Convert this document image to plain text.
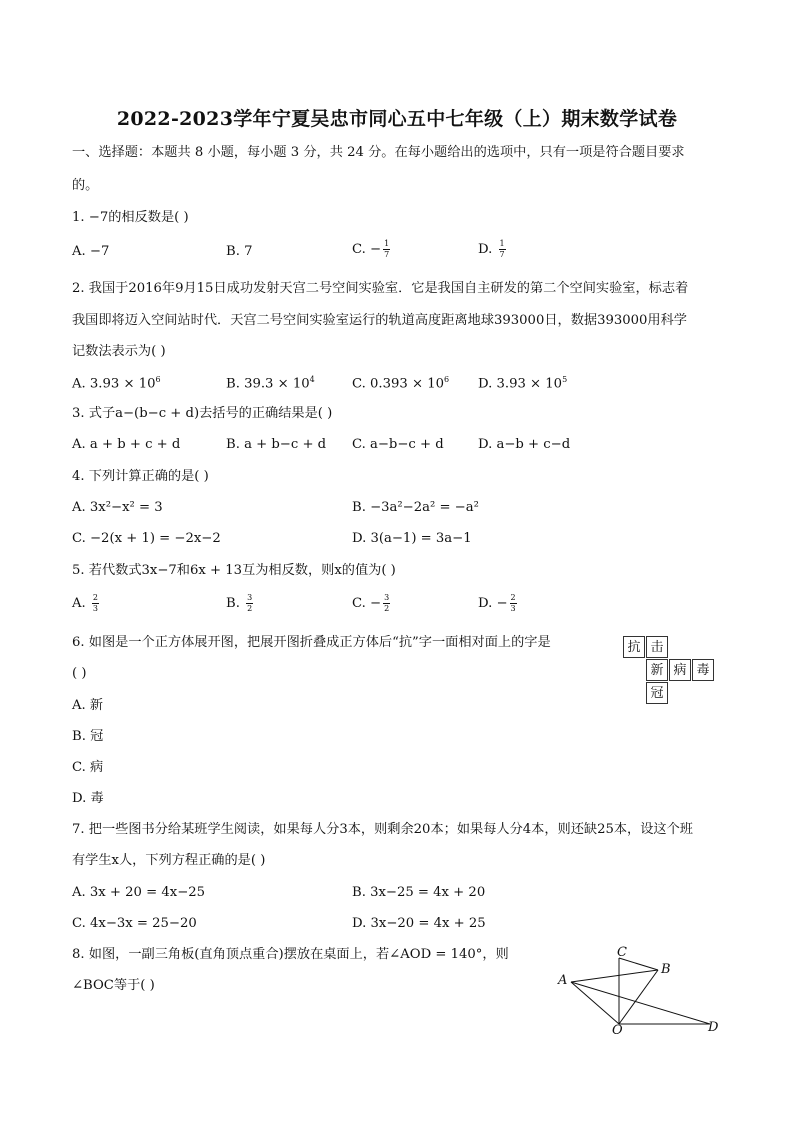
2022-2023学年宁夏吴忠市同心五中七年级（上）期末数学试卷
一、选择题：本题共 8 小题，每小题 3 分，共 24 分。在每小题给出的选项中，只有一项是符合题目要求
的。
1. −7的相反数是( )
A. −7	B. 7	C. − $\frac{1}{7}$	D. $\frac{1}{7}$
2. 我国于2016年9月15日成功发射天宫二号空间实验室．它是我国自主研发的第二个空间实验室，标志着
我国即将迈入空间站时代．天宫二号空间实验室运行的轨道高度距离地球393000日，数据393000用科学
记数法表示为( )
A. $3.93 \times 10^6$	B. $39.3 \times 10^4$	C. $0.393 \times 10^6$ D. $3.93 \times 10^5$
3. 式子a−(b−c + d)去括号的正确结果是( )
A. a + b + c + d	B. a + b−c + d C. a−b−c + d	D. a−b + c−d
4. 下列计算正确的是( )
A. 3x²−x² = 3	B. −3a²−2a² = −a²
C. −2(x + 1) = −2x−2	D. 3(a−1) = 3a−1
5. 若代数式3x−7和6x + 13互为相反数，则x的值为( )
A. $\frac{2}{3}$	B. $\frac{3}{2}$	C. − $\frac{3}{2}$	D. − $\frac{2}{3}$
6. 如图是一个正方体展开图，把展开图折叠成正方体后“抗”字一面相对面上的字是
( )
A. 新
B. 冠
C. 病
D. 毒
抗 击
新 病 毒
冠
7. 把一些图书分给某班学生阅读，如果每人分3本，则剩余20本；如果每人分4本，则还缺25本，设这个班
有学生x人，下列方程正确的是( )
A. 3x + 20 = 4x−25	B. 3x−25 = 4x + 20
C. 4x−3x = 25−20	D. 3x−20 = 4x + 25
8. 如图，一副三角板(直角顶点重合)摆放在桌面上，若∠AOD = 140°，则
∠BOC等于( )	A
C
B
O	D
